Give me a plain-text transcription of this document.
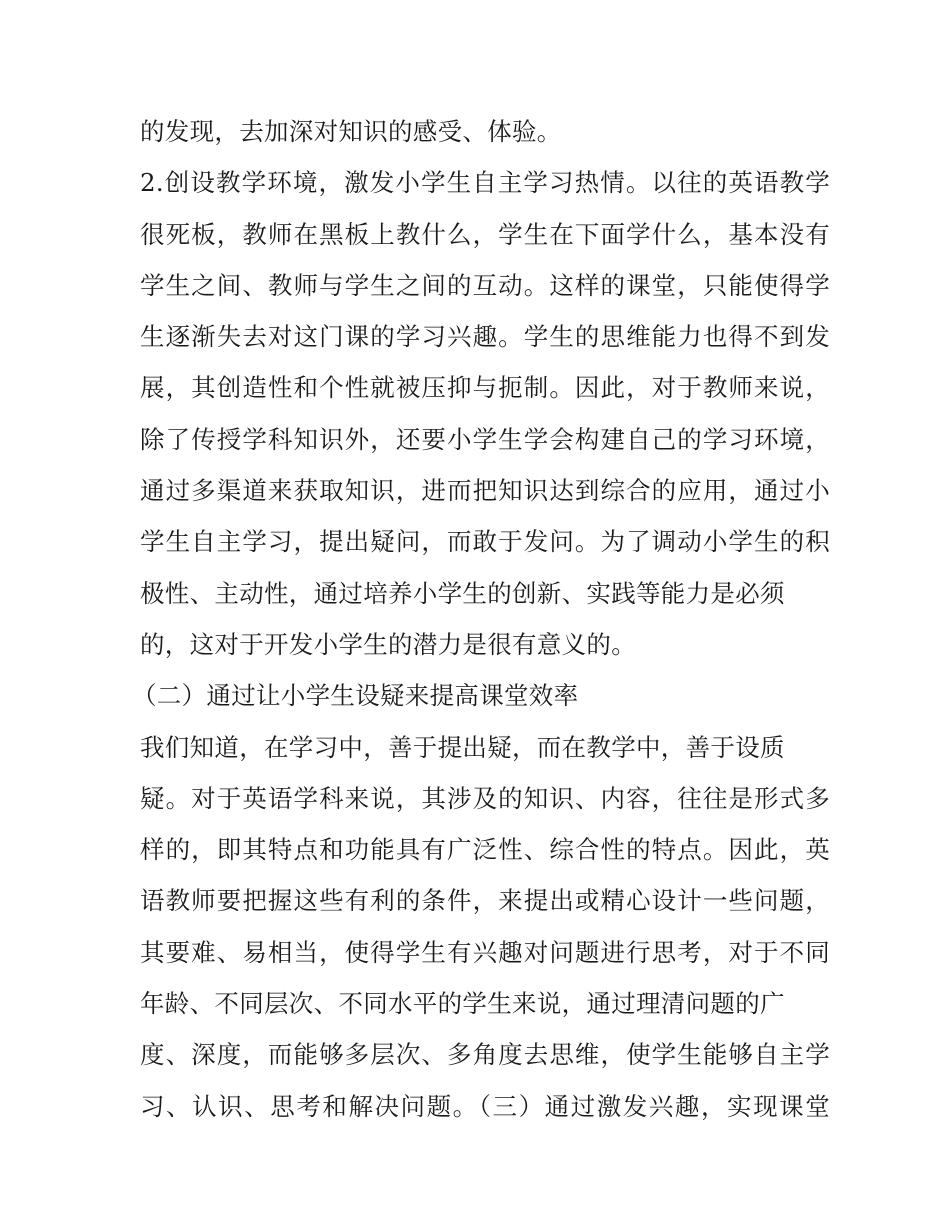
的发现，去加深对知识的感受、体验。
2.创设教学环境，激发小学生自主学习热情。以往的英语教学
很死板，教师在黑板上教什么，学生在下面学什么，基本没有
学生之间、教师与学生之间的互动。这样的课堂，只能使得学
生逐渐失去对这门课的学习兴趣。学生的思维能力也得不到发
展，其创造性和个性就被压抑与扼制。因此，对于教师来说，
除了传授学科知识外，还要小学生学会构建自己的学习环境，
通过多渠道来获取知识，进而把知识达到综合的应用，通过小
学生自主学习，提出疑问，而敢于发问。为了调动小学生的积
极性、主动性，通过培养小学生的创新、实践等能力是必须
的，这对于开发小学生的潜力是很有意义的。
（二）通过让小学生设疑来提高课堂效率
我们知道，在学习中，善于提出疑，而在教学中，善于设质
疑。对于英语学科来说，其涉及的知识、内容，往往是形式多
样的，即其特点和功能具有广泛性、综合性的特点。因此，英
语教师要把握这些有利的条件，来提出或精心设计一些问题，
其要难、易相当，使得学生有兴趣对问题进行思考，对于不同
年龄、不同层次、不同水平的学生来说，通过理清问题的广
度、深度，而能够多层次、多角度去思维，使学生能够自主学
习、认识、思考和解决问题。（三）通过激发兴趣，实现课堂
